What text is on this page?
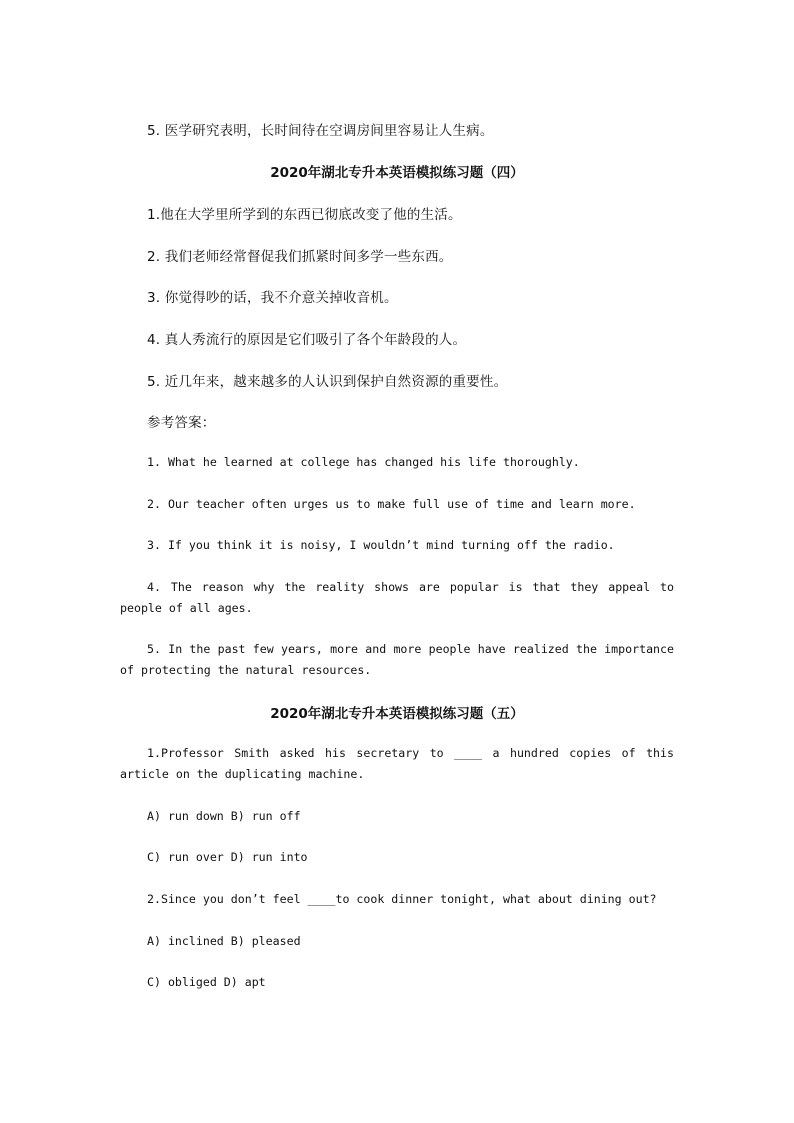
5. 医学研究表明，长时间待在空调房间里容易让人生病。

2020年湖北专升本英语模拟练习题（四）

1.他在大学里所学到的东西已彻底改变了他的生活。

2. 我们老师经常督促我们抓紧时间多学一些东西。

3. 你觉得吵的话，我不介意关掉收音机。

4. 真人秀流行的原因是它们吸引了各个年龄段的人。

5. 近几年来，越来越多的人认识到保护自然资源的重要性。

参考答案：

1. What he learned at college has changed his life thoroughly.

2. Our teacher often urges us to make full use of time and learn more.

3. If you think it is noisy, I wouldn’t mind turning off the radio.

4. The reason why the reality shows are popular is that they appeal to people of all ages.

5. In the past few years, more and more people have realized the importance of protecting the natural resources.

2020年湖北专升本英语模拟练习题（五）

1.Professor Smith asked his secretary to ____ a hundred copies of this article on the duplicating machine.

A) run down B) run off

C) run over D) run into

2.Since you don’t feel ____to cook dinner tonight, what about dining out?

A) inclined B) pleased

C) obliged D) apt
